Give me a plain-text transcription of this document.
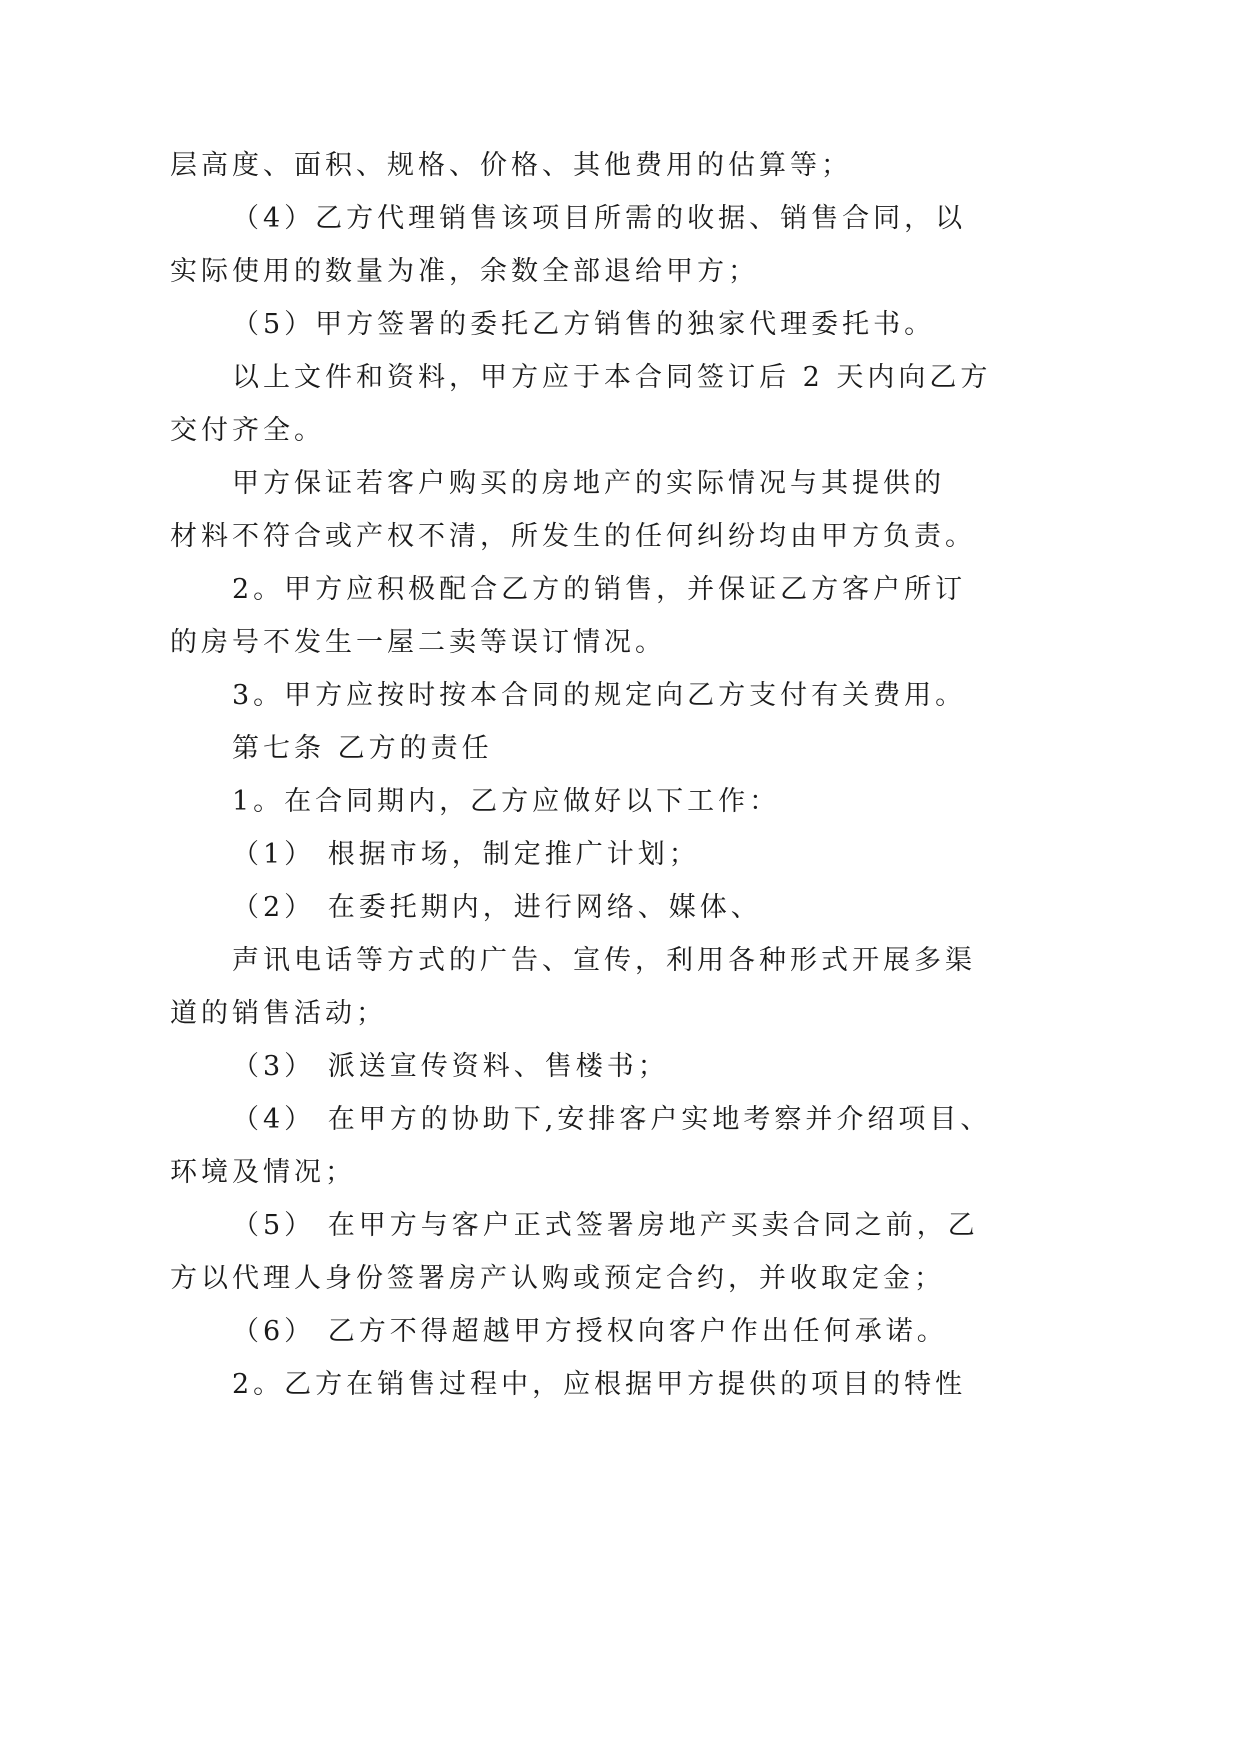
层高度、面积、规格、价格、其他费用的估算等；
（4）乙方代理销售该项目所需的收据、销售合同，以
实际使用的数量为准，余数全部退给甲方；
（5）甲方签署的委托乙方销售的独家代理委托书。
以上文件和资料，甲方应于本合同签订后 2 天内向乙方
交付齐全。
甲方保证若客户购买的房地产的实际情况与其提供的
材料不符合或产权不清，所发生的任何纠纷均由甲方负责。
2。甲方应积极配合乙方的销售，并保证乙方客户所订
的房号不发生一屋二卖等误订情况。
3。甲方应按时按本合同的规定向乙方支付有关费用。
第七条 乙方的责任
1。在合同期内，乙方应做好以下工作：
（1） 根据市场，制定推广计划；
（2） 在委托期内，进行网络、媒体、
声讯电话等方式的广告、宣传，利用各种形式开展多渠
道的销售活动；
（3） 派送宣传资料、售楼书；
（4） 在甲方的协助下,安排客户实地考察并介绍项目、
环境及情况；
（5） 在甲方与客户正式签署房地产买卖合同之前，乙
方以代理人身份签署房产认购或预定合约，并收取定金；
（6） 乙方不得超越甲方授权向客户作出任何承诺。
2。乙方在销售过程中，应根据甲方提供的项目的特性
